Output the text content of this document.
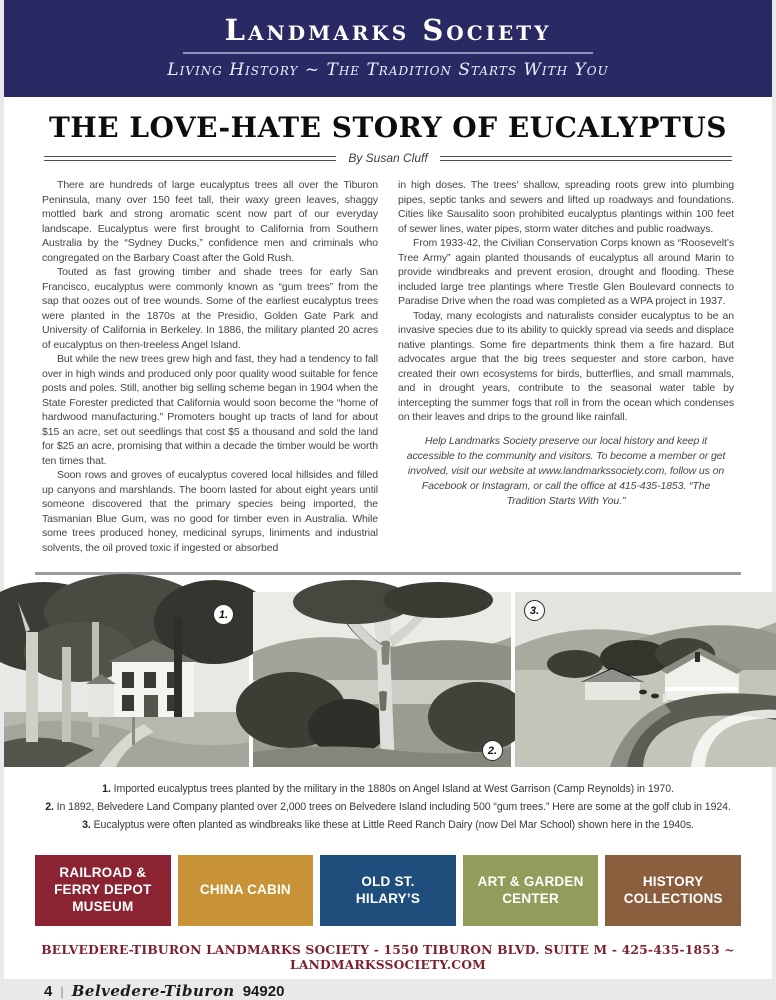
Landmarks Society
Living History ~ The Tradition Starts With You
THE LOVE-HATE STORY OF EUCALYPTUS
By Susan Cluff

There are hundreds of large eucalyptus trees all over the Tiburon Peninsula, many over 150 feet tall, their waxy green leaves, shaggy mottled bark and strong aromatic scent now part of our everyday landscape. Eucalyptus were first brought to California from Southern Australia by the “Sydney Ducks,” confidence men and criminals who congregated on the Barbary Coast after the Gold Rush.

Touted as fast growing timber and shade trees for early San Francisco, eucalyptus were commonly known as “gum trees” from the sap that oozes out of tree wounds. Some of the earliest eucalyptus trees were planted in the 1870s at the Presidio, Golden Gate Park and University of California in Berkeley. In 1886, the military planted 20 acres of eucalyptus on then-treeless Angel Island.

But while the new trees grew high and fast, they had a tendency to fall over in high winds and produced only poor quality wood suitable for fence posts and poles. Still, another big selling scheme began in 1904 when the State Forester predicted that California would soon become the “home of hardwood manufacturing.” Promoters bought up tracts of land for about $15 an acre, set out seedlings that cost $5 a thousand and sold the land for $25 an acre, promising that within a decade the timber would be worth ten times that.

Soon rows and groves of eucalyptus covered local hillsides and filled up canyons and marshlands. The boom lasted for about eight years until someone discovered that the primary species being imported, the Tasmanian Blue Gum, was no good for timber even in Australia. While some trees produced honey, medicinal syrups, liniments and industrial solvents, the oil proved toxic if ingested or absorbed

in high doses. The trees’ shallow, spreading roots grew into plumbing pipes, septic tanks and sewers and lifted up roadways and foundations. Cities like Sausalito soon prohibited eucalyptus plantings within 100 feet of sewer lines, water pipes, storm water ditches and public roadways.

From 1933-42, the Civilian Conservation Corps known as “Roosevelt’s Tree Army” again planted thousands of eucalyptus all around Marin to provide windbreaks and prevent erosion, drought and flooding. These included large tree plantings where Trestle Glen Boulevard connects to Paradise Drive when the road was completed as a WPA project in 1937.

Today, many ecologists and naturalists consider eucalyptus to be an invasive species due to its ability to quickly spread via seeds and displace native plantings. Some fire departments think them a fire hazard. But advocates argue that the big trees sequester and store carbon, have created their own ecosystems for birds, butterflies, and small mammals, and in drought years, contribute to the seasonal water table by intercepting the summer fogs that roll in from the ocean which condenses on their leaves and drips to the ground like rainfall.

Help Landmarks Society preserve our local history and keep it accessible to the community and visitors. To become a member or get involved, visit our website at www.landmarkssociety.com, follow us on Facebook or Instagram, or call the office at 415-435-1853. “The Tradition Starts With You.”

1.
2.
3.
1. Imported eucalyptus trees planted by the military in the 1880s on Angel Island at West Garrison (Camp Reynolds) in 1970.
2. In 1892, Belvedere Land Company planted over 2,000 trees on Belvedere Island including 500 “gum trees.” Here are some at the golf club in 1924.
3. Eucalyptus were often planted as windbreaks like these at Little Reed Ranch Dairy (now Del Mar School) shown here in the 1940s.
RAILROAD & FERRY DEPOT MUSEUM
CHINA CABIN
OLD ST. HILARY’S
ART & GARDEN CENTER
HISTORY COLLECTIONS
BELVEDERE-TIBURON LANDMARKS SOCIETY - 1550 TIBURON BLVD. SUITE M - 425-435-1853 ~ LANDMARKSSOCIETY.COM
4 | Belvedere-Tiburon 94920
